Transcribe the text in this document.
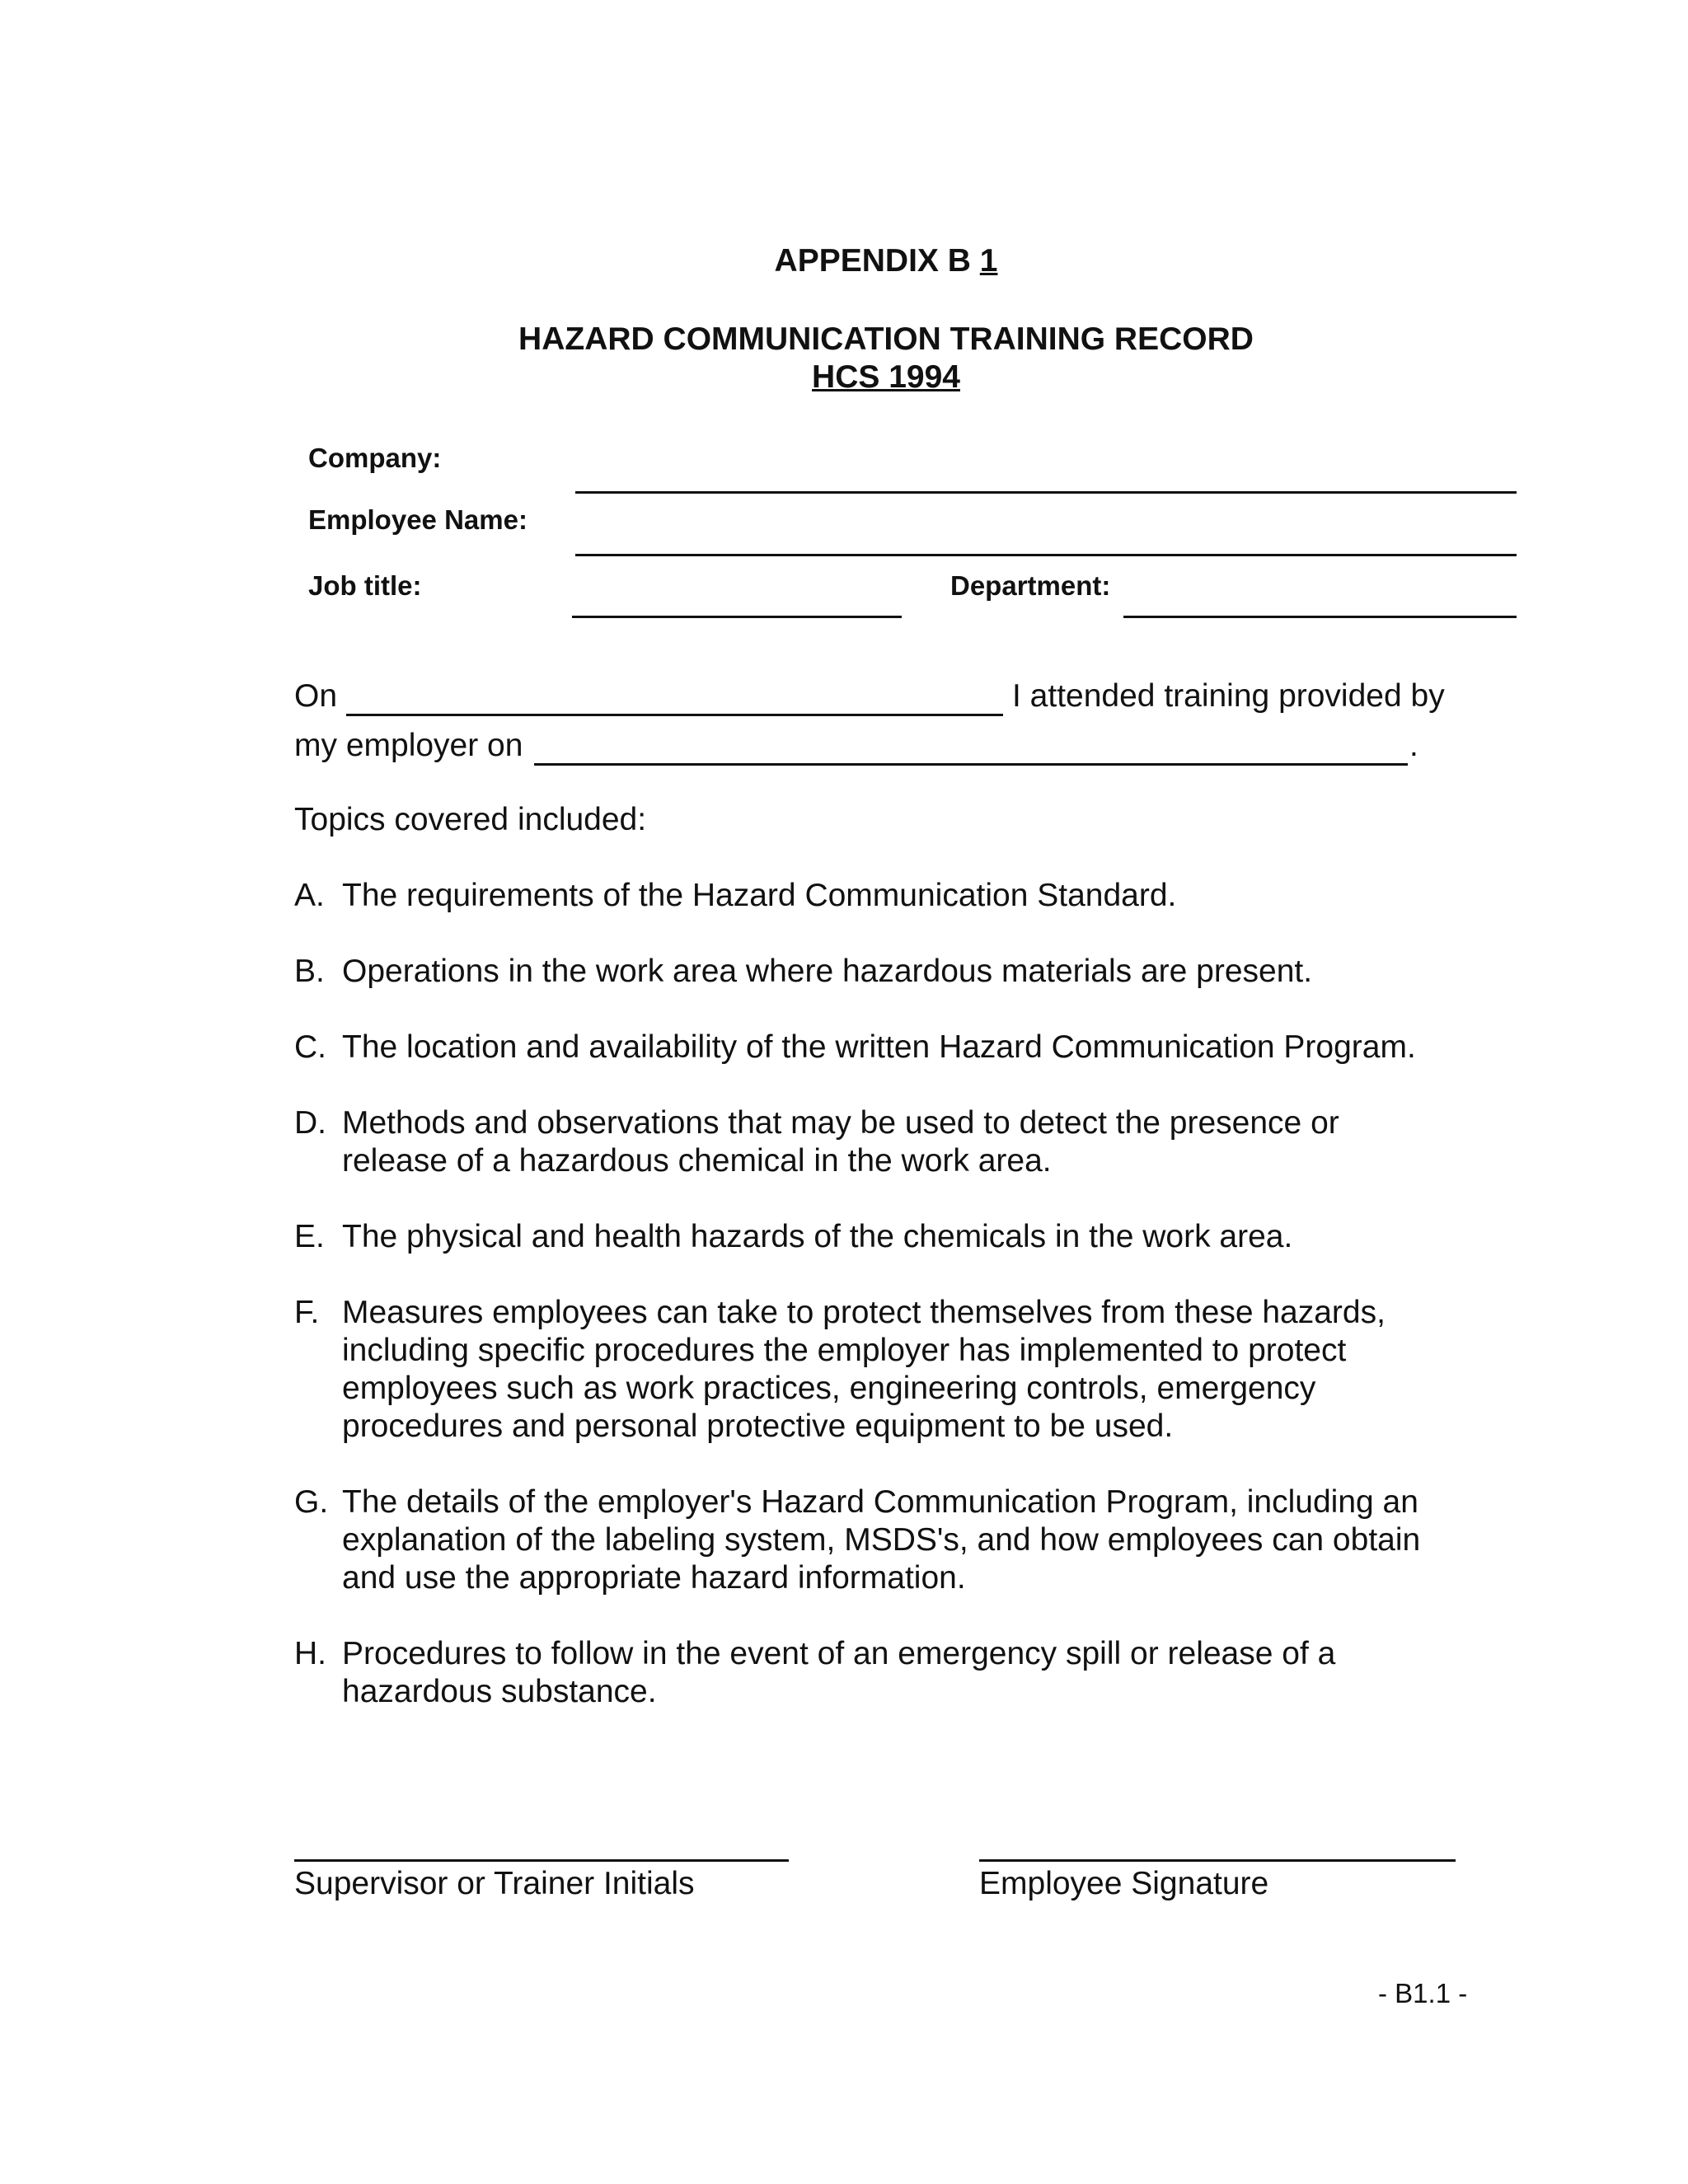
APPENDIX B 1
HAZARD COMMUNICATION TRAINING RECORD
HCS 1994
Company:
Employee Name:
Job title:	Department:
On	I attended training provided by
my employer on	.
Topics covered included:
A. The requirements of the Hazard Communication Standard.
B. Operations in the work area where hazardous materials are present.
C. The location and availability of the written Hazard Communication Program.
D. Methods and observations that may be used to detect the presence or release of a hazardous chemical in the work area.
E. The physical and health hazards of the chemicals in the work area.
F. Measures employees can take to protect themselves from these hazards, including specific procedures the employer has implemented to protect employees such as work practices, engineering controls, emergency procedures and personal protective equipment to be used.
G. The details of the employer's Hazard Communication Program, including an explanation of the labeling system, MSDS's, and how employees can obtain and use the appropriate hazard information.
H. Procedures to follow in the event of an emergency spill or release of a hazardous substance.
Supervisor or Trainer Initials	Employee Signature
- B1.1 -
